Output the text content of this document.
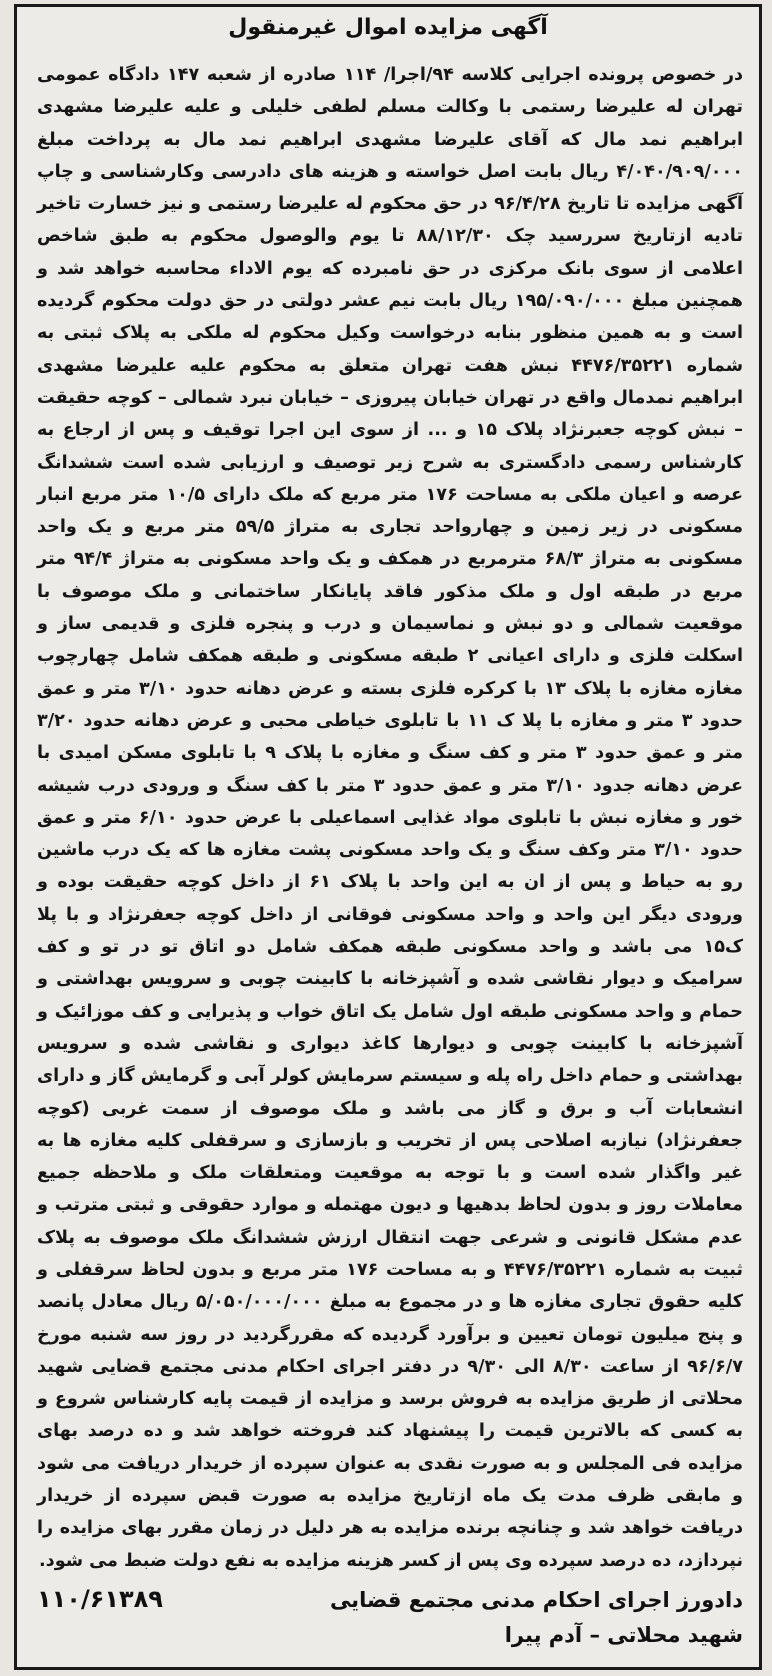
آگهی مزایده اموال غیرمنقول
در خصوص پرونده اجرایی کلاسه ۹۴/اجرا/ ۱۱۴ صادره از شعبه ۱۴۷ دادگاه عمومی تهران له علیرضا رستمی با وکالت مسلم لطفی خلیلی و علیه علیرضا مشهدی ابراهیم نمد مال که آقای علیرضا مشهدی ابراهیم نمد مال به پرداخت مبلغ ۴/۰۴۰/۹۰۹/۰۰۰ ریال بابت اصل خواسته و هزینه های دادرسی وکارشناسی و چاپ آگهی مزایده تا تاریخ ۹۶/۴/۲۸ در حق محکوم له علیرضا رستمی و نیز خسارت تاخیر تادیه ازتاریخ سررسید چک ۸۸/۱۲/۳۰ تا یوم والوصول محکوم به طبق شاخص اعلامی از سوی بانک مرکزی در حق نامبرده که یوم الاداء محاسبه خواهد شد و همچنین مبلغ ۱۹۵/۰۹۰/۰۰۰ ریال بابت نیم عشر دولتی در حق دولت محکوم گردیده است و به همین منظور بنابه درخواست وکیل محکوم له ملکی به پلاک ثبتی به شماره ۴۴۷۶/۳۵۲۲۱ نبش هفت تهران متعلق به محکوم علیه علیرضا مشهدی ابراهیم نمدمال واقع در تهران خیابان پیروزی – خیابان نبرد شمالی – کوچه حقیقت – نبش کوچه جعبرنژاد پلاک ۱۵ و ... از سوی این اجرا توقیف و پس از ارجاع به کارشناس رسمی دادگستری به شرح زیر توصیف و ارزیابی شده است ششدانگ عرصه و اعیان ملکی به مساحت ۱۷۶ متر مربع که ملک دارای ۱۰/۵ متر مربع انبار مسکونی در زیر زمین و چهارواحد تجاری به متراژ ۵۹/۵ متر مربع و یک واحد مسکونی به متراژ ۶۸/۳ مترمربع در همکف و یک واحد مسکونی به متراژ ۹۴/۴ متر مربع در طبقه اول و ملک مذکور فاقد پایانکار ساختمانی و ملک موصوف با موقعیت شمالی و دو نبش و نماسیمان و درب و پنجره فلزی و قدیمی ساز و اسکلت فلزی و دارای اعیانی ۲ طبقه مسکونی و طبقه همکف شامل چهارچوب مغازه مغازه با پلاک ۱۳ با کرکره فلزی بسته و عرض دهانه حدود ۳/۱۰ متر و عمق حدود ۳ متر و مغازه با پلا ک ۱۱ با تابلوی خیاطی محبی و عرض دهانه حدود ۳/۲۰ متر و عمق حدود ۳ متر و کف سنگ و مغازه با پلاک ۹ با تابلوی مسکن امیدی با عرض دهانه جدود ۳/۱۰ متر و عمق حدود ۳ متر با کف سنگ و ورودی درب شیشه خور و مغازه نبش با تابلوی مواد غذایی اسماعیلی با عرض حدود ۶/۱۰ متر و عمق حدود ۳/۱۰ متر وکف سنگ و یک واحد مسکونی پشت مغازه ها که یک درب ماشین رو به حیاط و پس از ان به این واحد با پلاک ۶۱ از داخل کوچه حقیقت بوده و ورودی دیگر این واحد و واحد مسکونی فوقانی از داخل کوچه جعفرنژاد و با پلا ک۱۵ می باشد و واحد مسکونی طبقه همکف شامل دو اتاق تو در تو و کف سرامیک و دیوار نقاشی شده و آشپزخانه با کابینت چوبی و سرویس بهداشتی و حمام و واحد مسکونی طبقه اول شامل یک اتاق خواب و پذیرایی و کف موزائیک و آشپزخانه با کابینت چوبی و دیوارها کاغذ دیواری و نقاشی شده و سرویس بهداشتی و حمام داخل راه پله و سیستم سرمایش کولر آبی و گرمایش گاز و دارای انشعابات آب و برق و گاز می باشد و ملک موصوف از سمت غربی (کوچه جعفرنژاد) نیازبه اصلاحی پس از تخریب و بازسازی و سرقفلی کلیه مغازه ها به غیر واگذار شده است و با توجه به موقعیت ومتعلقات ملک و ملاحظه جمیع معاملات روز و بدون لحاظ بدهیها و دیون مهتمله و موارد حقوقی و ثبتی مترتب و عدم مشکل قانونی و شرعی جهت انتقال ارزش ششدانگ ملک موصوف به پلاک ثبیت به شماره ۴۴۷۶/۳۵۲۲۱ و به مساحت ۱۷۶ متر مربع و بدون لحاظ سرقفلی و کلیه حقوق تجاری مغازه ها و در مجموع به مبلغ ۵/۰۵۰/۰۰۰/۰۰۰ ریال معادل پانصد و پنج میلیون تومان تعیین و برآورد گردیده که مقررگردید در روز سه شنبه مورخ ۹۶/۶/۷ از ساعت ۸/۳۰ الی ۹/۳۰ در دفتر اجرای احکام مدنی مجتمع قضایی شهید محلاتی از طریق مزایده به فروش برسد و مزایده از قیمت پایه کارشناس شروع و به کسی که بالاترین قیمت را پیشنهاد کند فروخته خواهد شد و ده درصد بهای مزایده فی المجلس و به صورت نقدی به عنوان سپرده از خریدار دریافت می شود و مابقی ظرف مدت یک ماه ازتاریخ مزایده به صورت قبض سپرده از خریدار دریافت خواهد شد و چنانچه برنده مزایده به هر دلیل در زمان مقرر بهای مزایده را نپردازد، ده درصد سپرده وی پس از کسر هزینه مزایده به نفع دولت ضبط می شود.
دادورز اجرای احکام مدنی مجتمع قضایی
۱۱۰/۶۱۳۸۹
شهید محلاتی – آدم پیرا
